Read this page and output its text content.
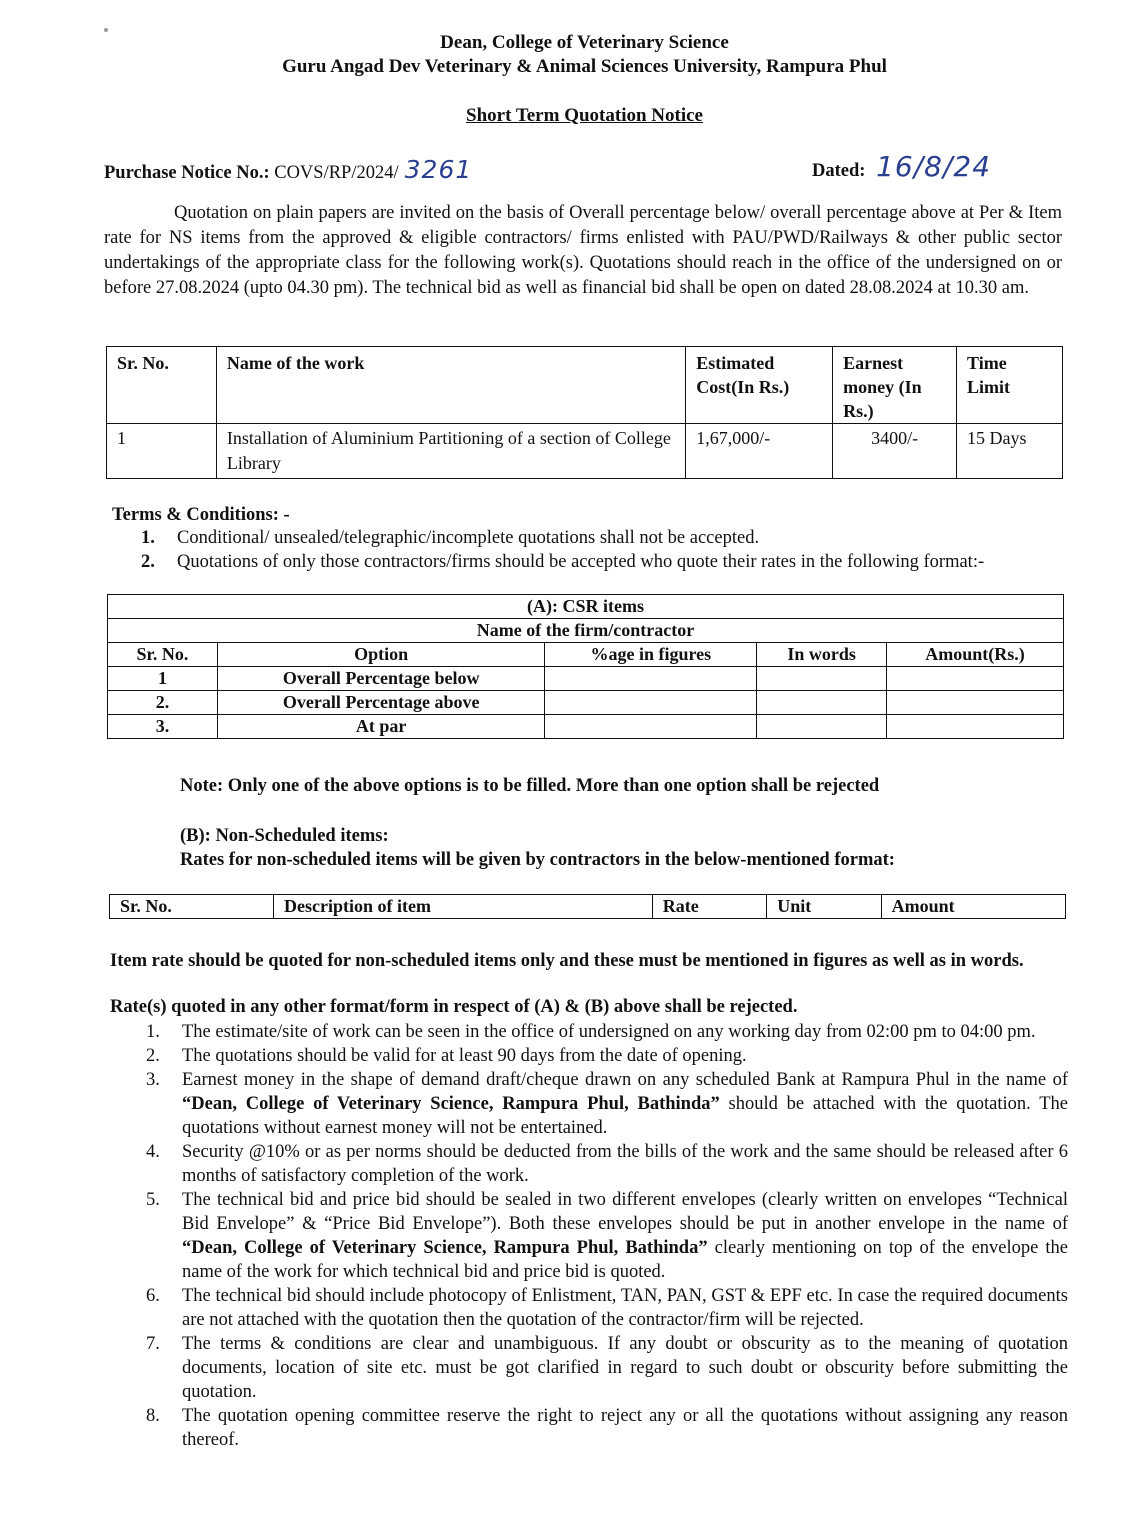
Dean, College of Veterinary Science
Guru Angad Dev Veterinary & Animal Sciences University, Rampura Phul
Short Term Quotation Notice
Purchase Notice No.: COVS/RP/2024/ 3261	Dated: 16/8/24
Quotation on plain papers are invited on the basis of Overall percentage below/ overall percentage above at Per & Item rate for NS items from the approved & eligible contractors/ firms enlisted with PAU/PWD/Railways & other public sector undertakings of the appropriate class for the following work(s). Quotations should reach in the office of the undersigned on or before 27.08.2024 (upto 04.30 pm). The technical bid as well as financial bid shall be open on dated 28.08.2024 at 10.30 am.
Sr. No.	Name of the work	Estimated Cost(In Rs.)	Earnest money (In Rs.)	Time Limit
1	Installation of Aluminium Partitioning of a section of College Library	1,67,000/-	3400/-	15 Days
Terms & Conditions: -
1. Conditional/ unsealed/telegraphic/incomplete quotations shall not be accepted.
2. Quotations of only those contractors/firms should be accepted who quote their rates in the following format:-
(A): CSR items				
Name of the firm/contractor				
Sr. No.	Option	%age in figures	In words	Amount(Rs.)
1	Overall Percentage below			
2.	Overall Percentage above			
3.	At par			
Note: Only one of the above options is to be filled. More than one option shall be rejected
(B): Non-Scheduled items:
Rates for non-scheduled items will be given by contractors in the below-mentioned format:
Sr. No.	Description of item	Rate	Unit	Amount
Item rate should be quoted for non-scheduled items only and these must be mentioned in figures as well as in words.
Rate(s) quoted in any other format/form in respect of (A) & (B) above shall be rejected.
1. The estimate/site of work can be seen in the office of undersigned on any working day from 02:00 pm to 04:00 pm.
2. The quotations should be valid for at least 90 days from the date of opening.
3. Earnest money in the shape of demand draft/cheque drawn on any scheduled Bank at Rampura Phul in the name of “Dean, College of Veterinary Science, Rampura Phul, Bathinda” should be attached with the quotation. The quotations without earnest money will not be entertained.
4. Security @10% or as per norms should be deducted from the bills of the work and the same should be released after 6 months of satisfactory completion of the work.
5. The technical bid and price bid should be sealed in two different envelopes (clearly written on envelopes “Technical Bid Envelope” & “Price Bid Envelope”). Both these envelopes should be put in another envelope in the name of “Dean, College of Veterinary Science, Rampura Phul, Bathinda” clearly mentioning on top of the envelope the name of the work for which technical bid and price bid is quoted.
6. The technical bid should include photocopy of Enlistment, TAN, PAN, GST & EPF etc. In case the required documents are not attached with the quotation then the quotation of the contractor/firm will be rejected.
7. The terms & conditions are clear and unambiguous. If any doubt or obscurity as to the meaning of quotation documents, location of site etc. must be got clarified in regard to such doubt or obscurity before submitting the quotation.
8. The quotation opening committee reserve the right to reject any or all the quotations without assigning any reason thereof.
